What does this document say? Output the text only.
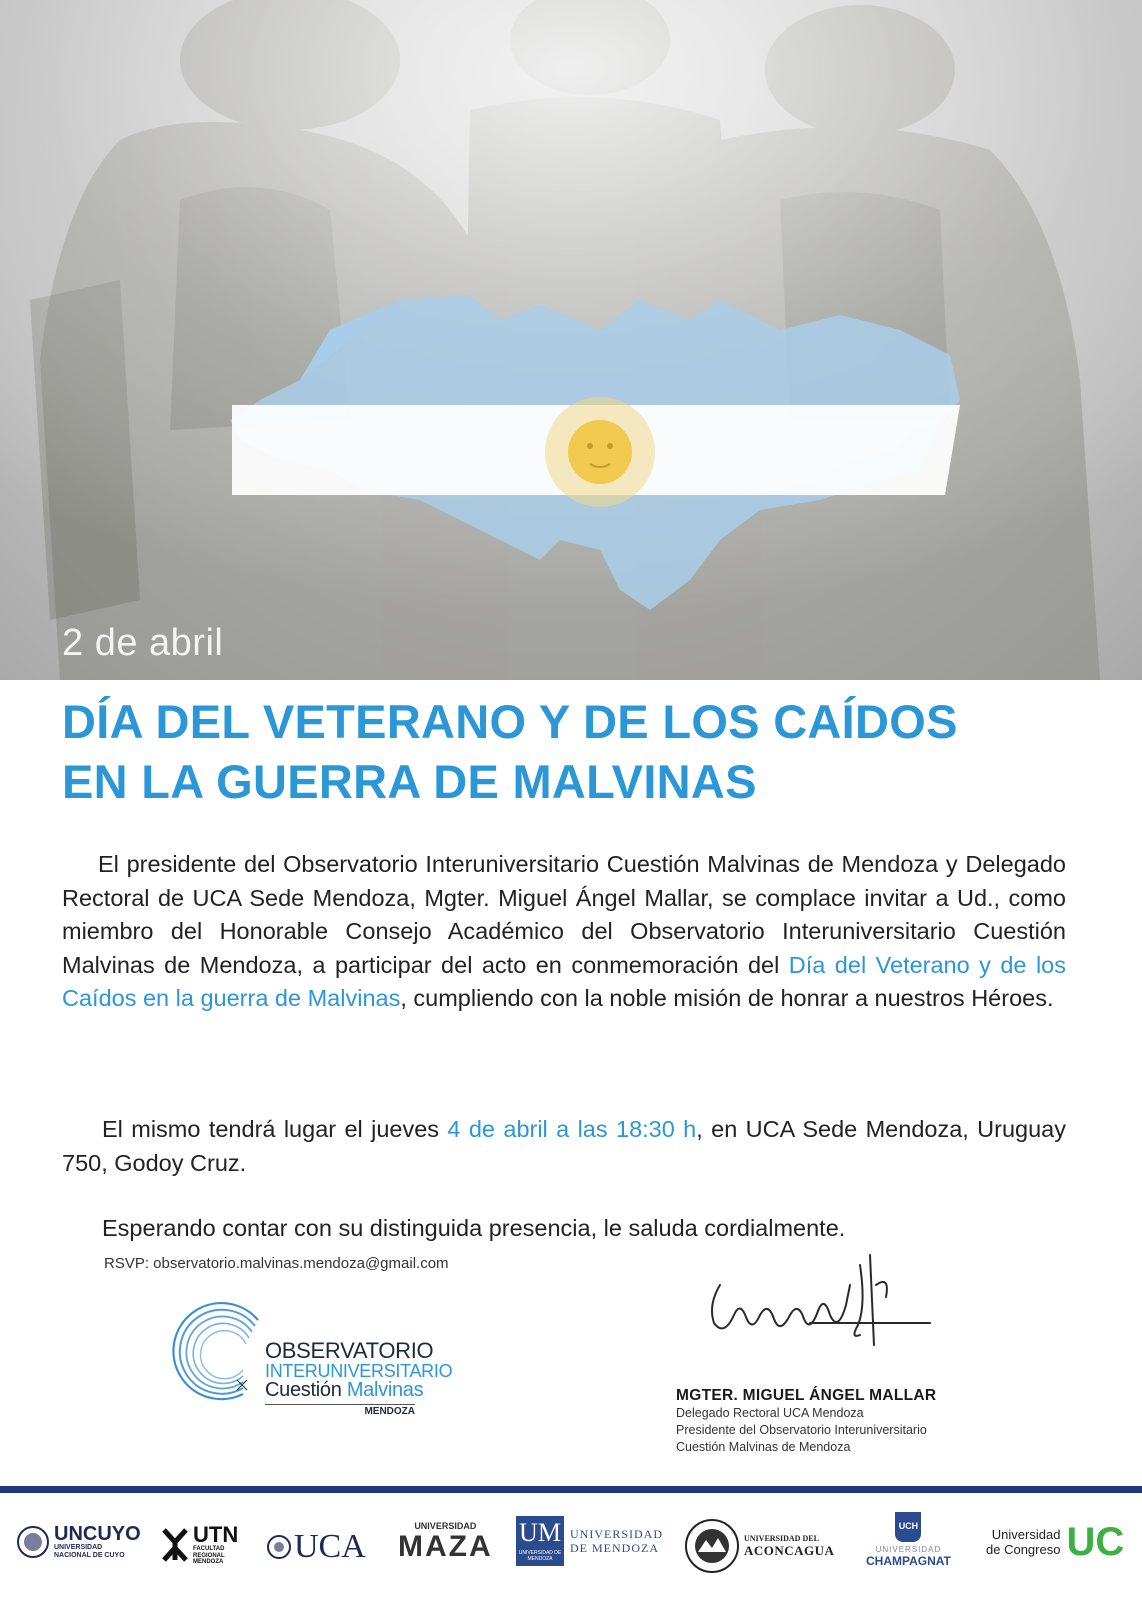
2 de abril
DÍA DEL VETERANO Y DE LOS CAÍDOS
EN LA GUERRA DE MALVINAS
El presidente del Observatorio Interuniversitario Cuestión Malvinas de Mendoza y Delegado Rectoral de UCA Sede Mendoza, Mgter. Miguel Ángel Mallar, se complace invitar a Ud., como miembro del Honorable Consejo Académico del Observatorio Interuniversitario Cuestión Malvinas de Mendoza, a participar del acto en conmemoración del Día del Veterano y de los Caídos en la guerra de Malvinas, cumpliendo con la noble misión de honrar a nuestros Héroes.
El mismo tendrá lugar el jueves 4 de abril a las 18:30 h, en UCA Sede Mendoza, Uruguay 750, Godoy Cruz.
Esperando contar con su distinguida presencia, le saluda cordialmente.
RSVP: observatorio.malvinas.mendoza@gmail.com
OBSERVATORIO
INTERUNIVERSITARIO
Cuestión Malvinas
MENDOZA
MGTER. MIGUEL ÁNGEL MALLAR
Delegado Rectoral UCA Mendoza
Presidente del Observatorio Interuniversitario
Cuestión Malvinas de Mendoza
UNCUYO
UNIVERSIDAD
NACIONAL DE CUYO
UTN
FACULTAD REGIONAL MENDOZA	UCA
UNIVERSIDAD
MAZA UM
UNIVERSIDAD DE MENDOZA
UNIVERSIDAD
DE MENDOZA
UNIVERSIDAD DEL
ACONCAGUA
UCH
UNIVERSIDAD
CHAMPAGNAT
Universidad
de Congreso UC
